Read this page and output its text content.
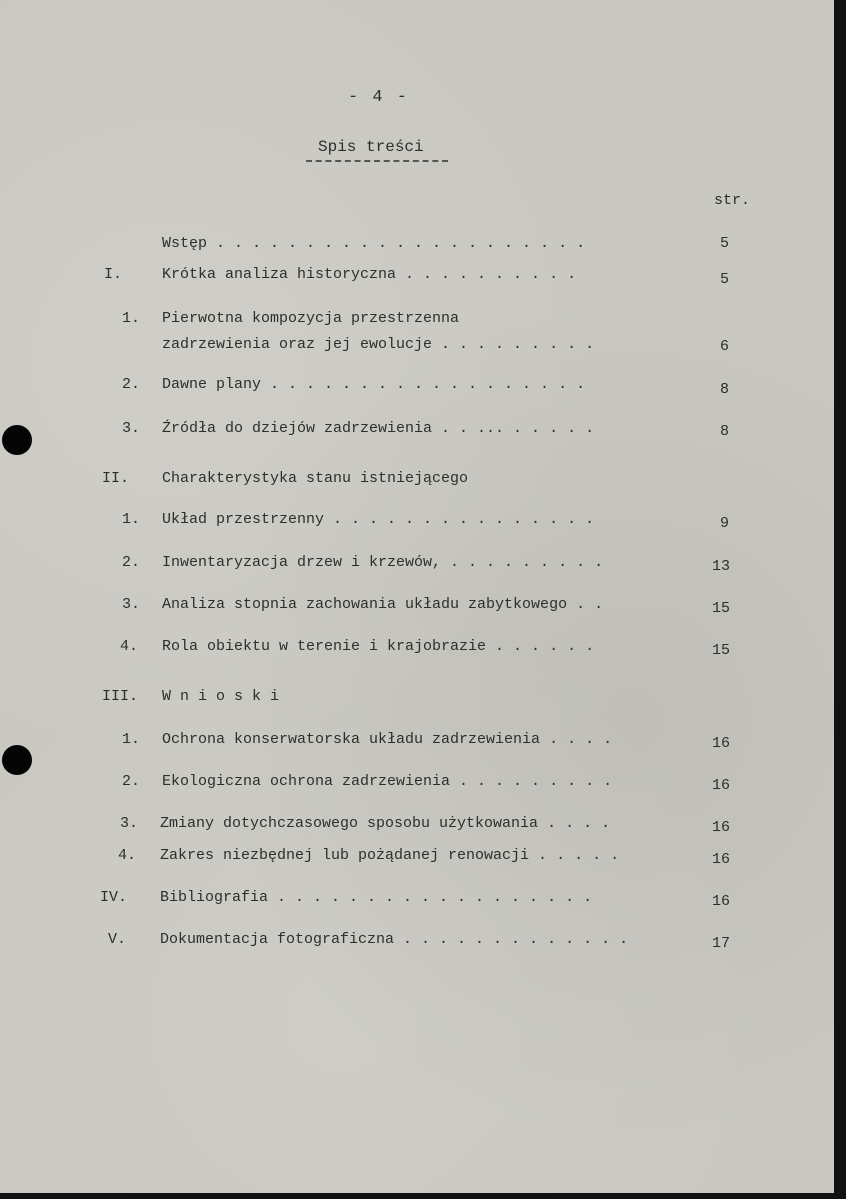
- 4 -
Spis treści
str.
Wstęp . . . . . . . . . . . . . . . . . . . . .	5
I.	Krótka analiza historyczna . . . . . . . . . .	5
1. Pierwotna kompozycja przestrzenna
zadrzewienia oraz jej ewolucje . . . . . . . . .	6
2. Dawne plany . . . . . . . . . . . . . . . . . .	8
3. Źródła do dziejów zadrzewienia . . ... . . . . .	8
II. Charakterystyka stanu istniejącego
1. Układ przestrzenny . . . . . . . . . . . . . . .	9
2. Inwentaryzacja drzew i krzewów, . . . . . . . . .	13
3. Analiza stopnia zachowania układu zabytkowego . .	15
4. Rola obiektu w terenie i krajobrazie . . . . . .	15
III. W n i o s k i
1. Ochrona konserwatorska układu zadrzewienia . . . .	16
2. Ekologiczna ochrona zadrzewienia . . . . . . . . .	16
3. Zmiany dotychczasowego sposobu użytkowania . . . .	16
4. Zakres niezbędnej lub pożądanej renowacji . . . . .	16
IV. Bibliografia . . . . . . . . . . . . . . . . . .	16
V. Dokumentacja fotograficzna . . . . . . . . . . . . .	17
